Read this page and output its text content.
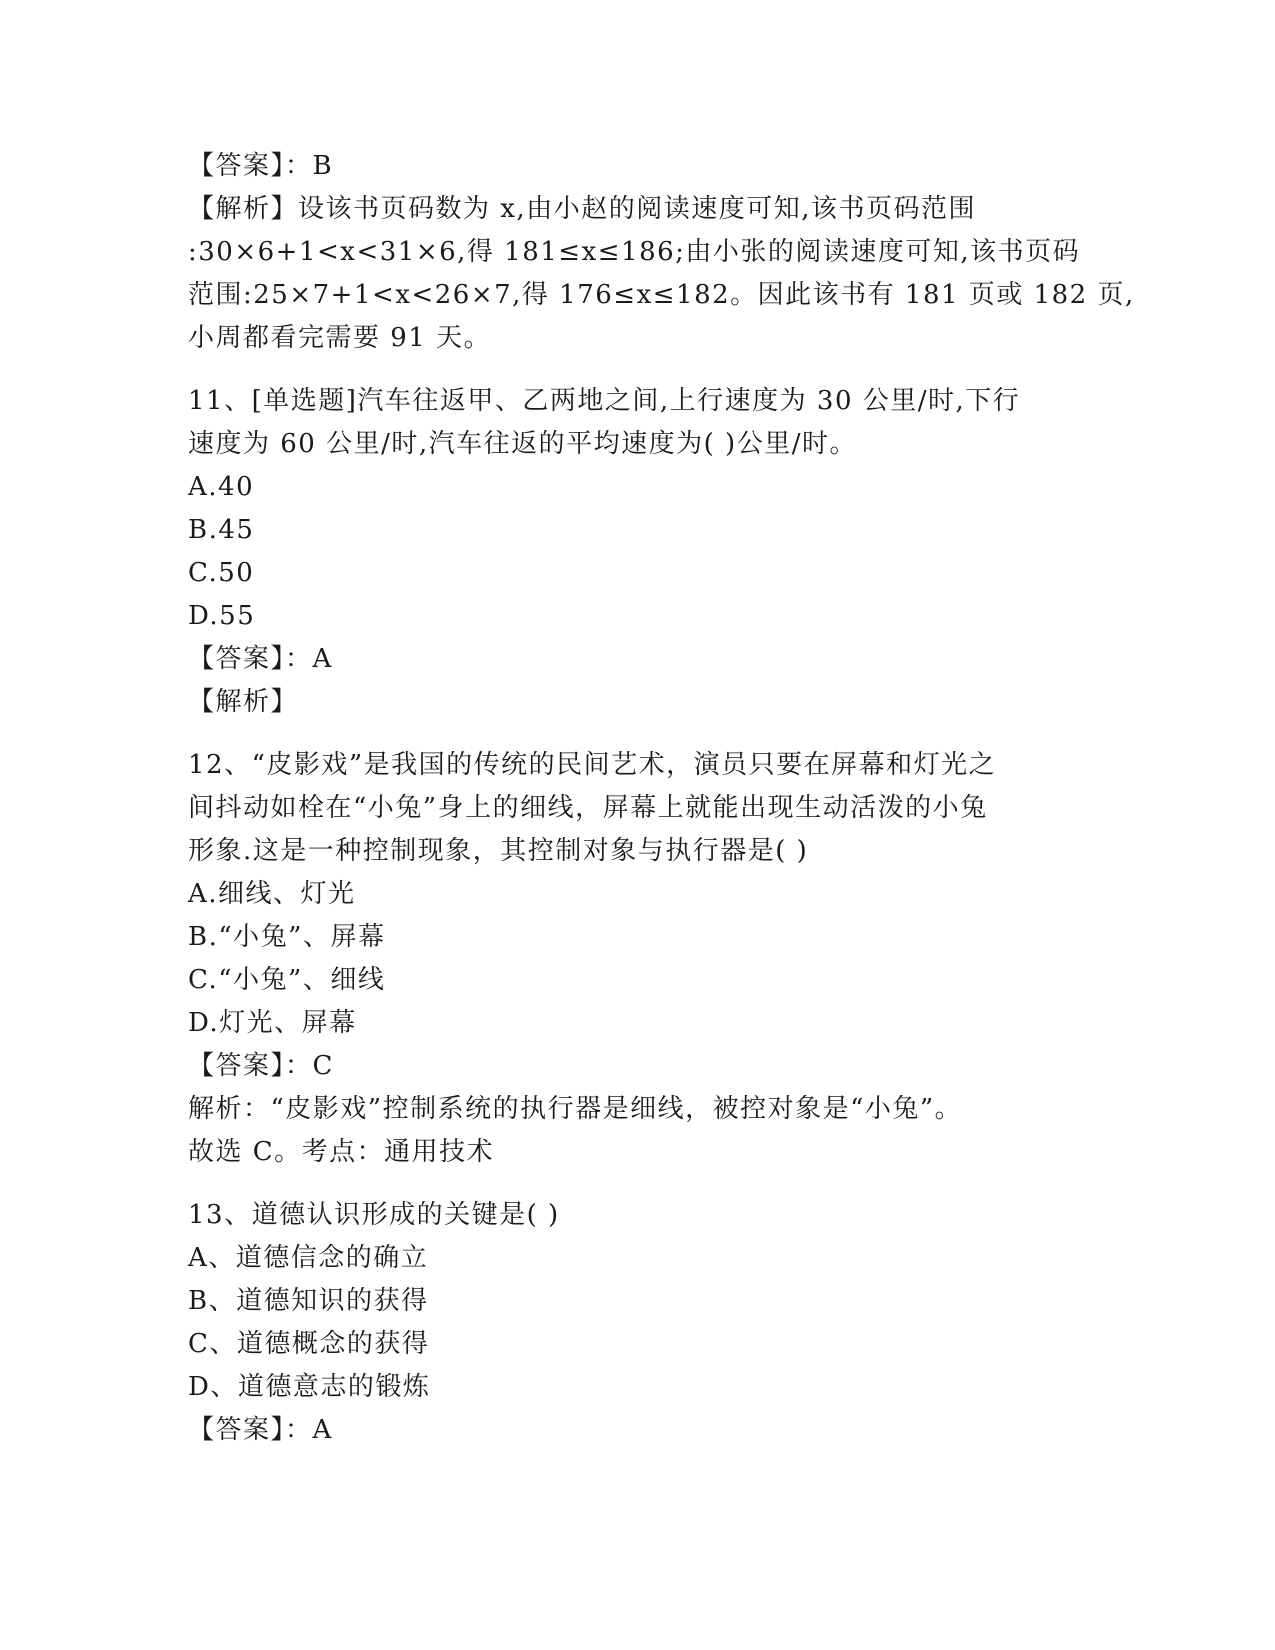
【答案】：B
【解析】设该书页码数为 x,由小赵的阅读速度可知,该书页码范围
:30×6+1<x<31×6,得 181≤x≤186;由小张的阅读速度可知,该书页码
范围:25×7+1<x<26×7,得 176≤x≤182。因此该书有 181 页或 182 页,
小周都看完需要 91 天。
11、[单选题]汽车往返甲、乙两地之间,上行速度为 30 公里/时,下行
速度为 60 公里/时,汽车往返的平均速度为( )公里/时。
A.40
B.45
C.50
D.55
【答案】：A
【解析】
12、“皮影戏”是我国的传统的民间艺术，演员只要在屏幕和灯光之
间抖动如栓在“小兔”身上的细线，屏幕上就能出现生动活泼的小兔
形象.这是一种控制现象，其控制对象与执行器是( )
A.细线、灯光
B.“小兔”、屏幕
C.“小兔”、细线
D.灯光、屏幕
【答案】：C
解析：“皮影戏”控制系统的执行器是细线，被控对象是“小兔”。
故选 C。考点：通用技术
13、道德认识形成的关键是( )
A、道德信念的确立
B、道德知识的获得
C、道德概念的获得
D、道德意志的锻炼
【答案】：A
